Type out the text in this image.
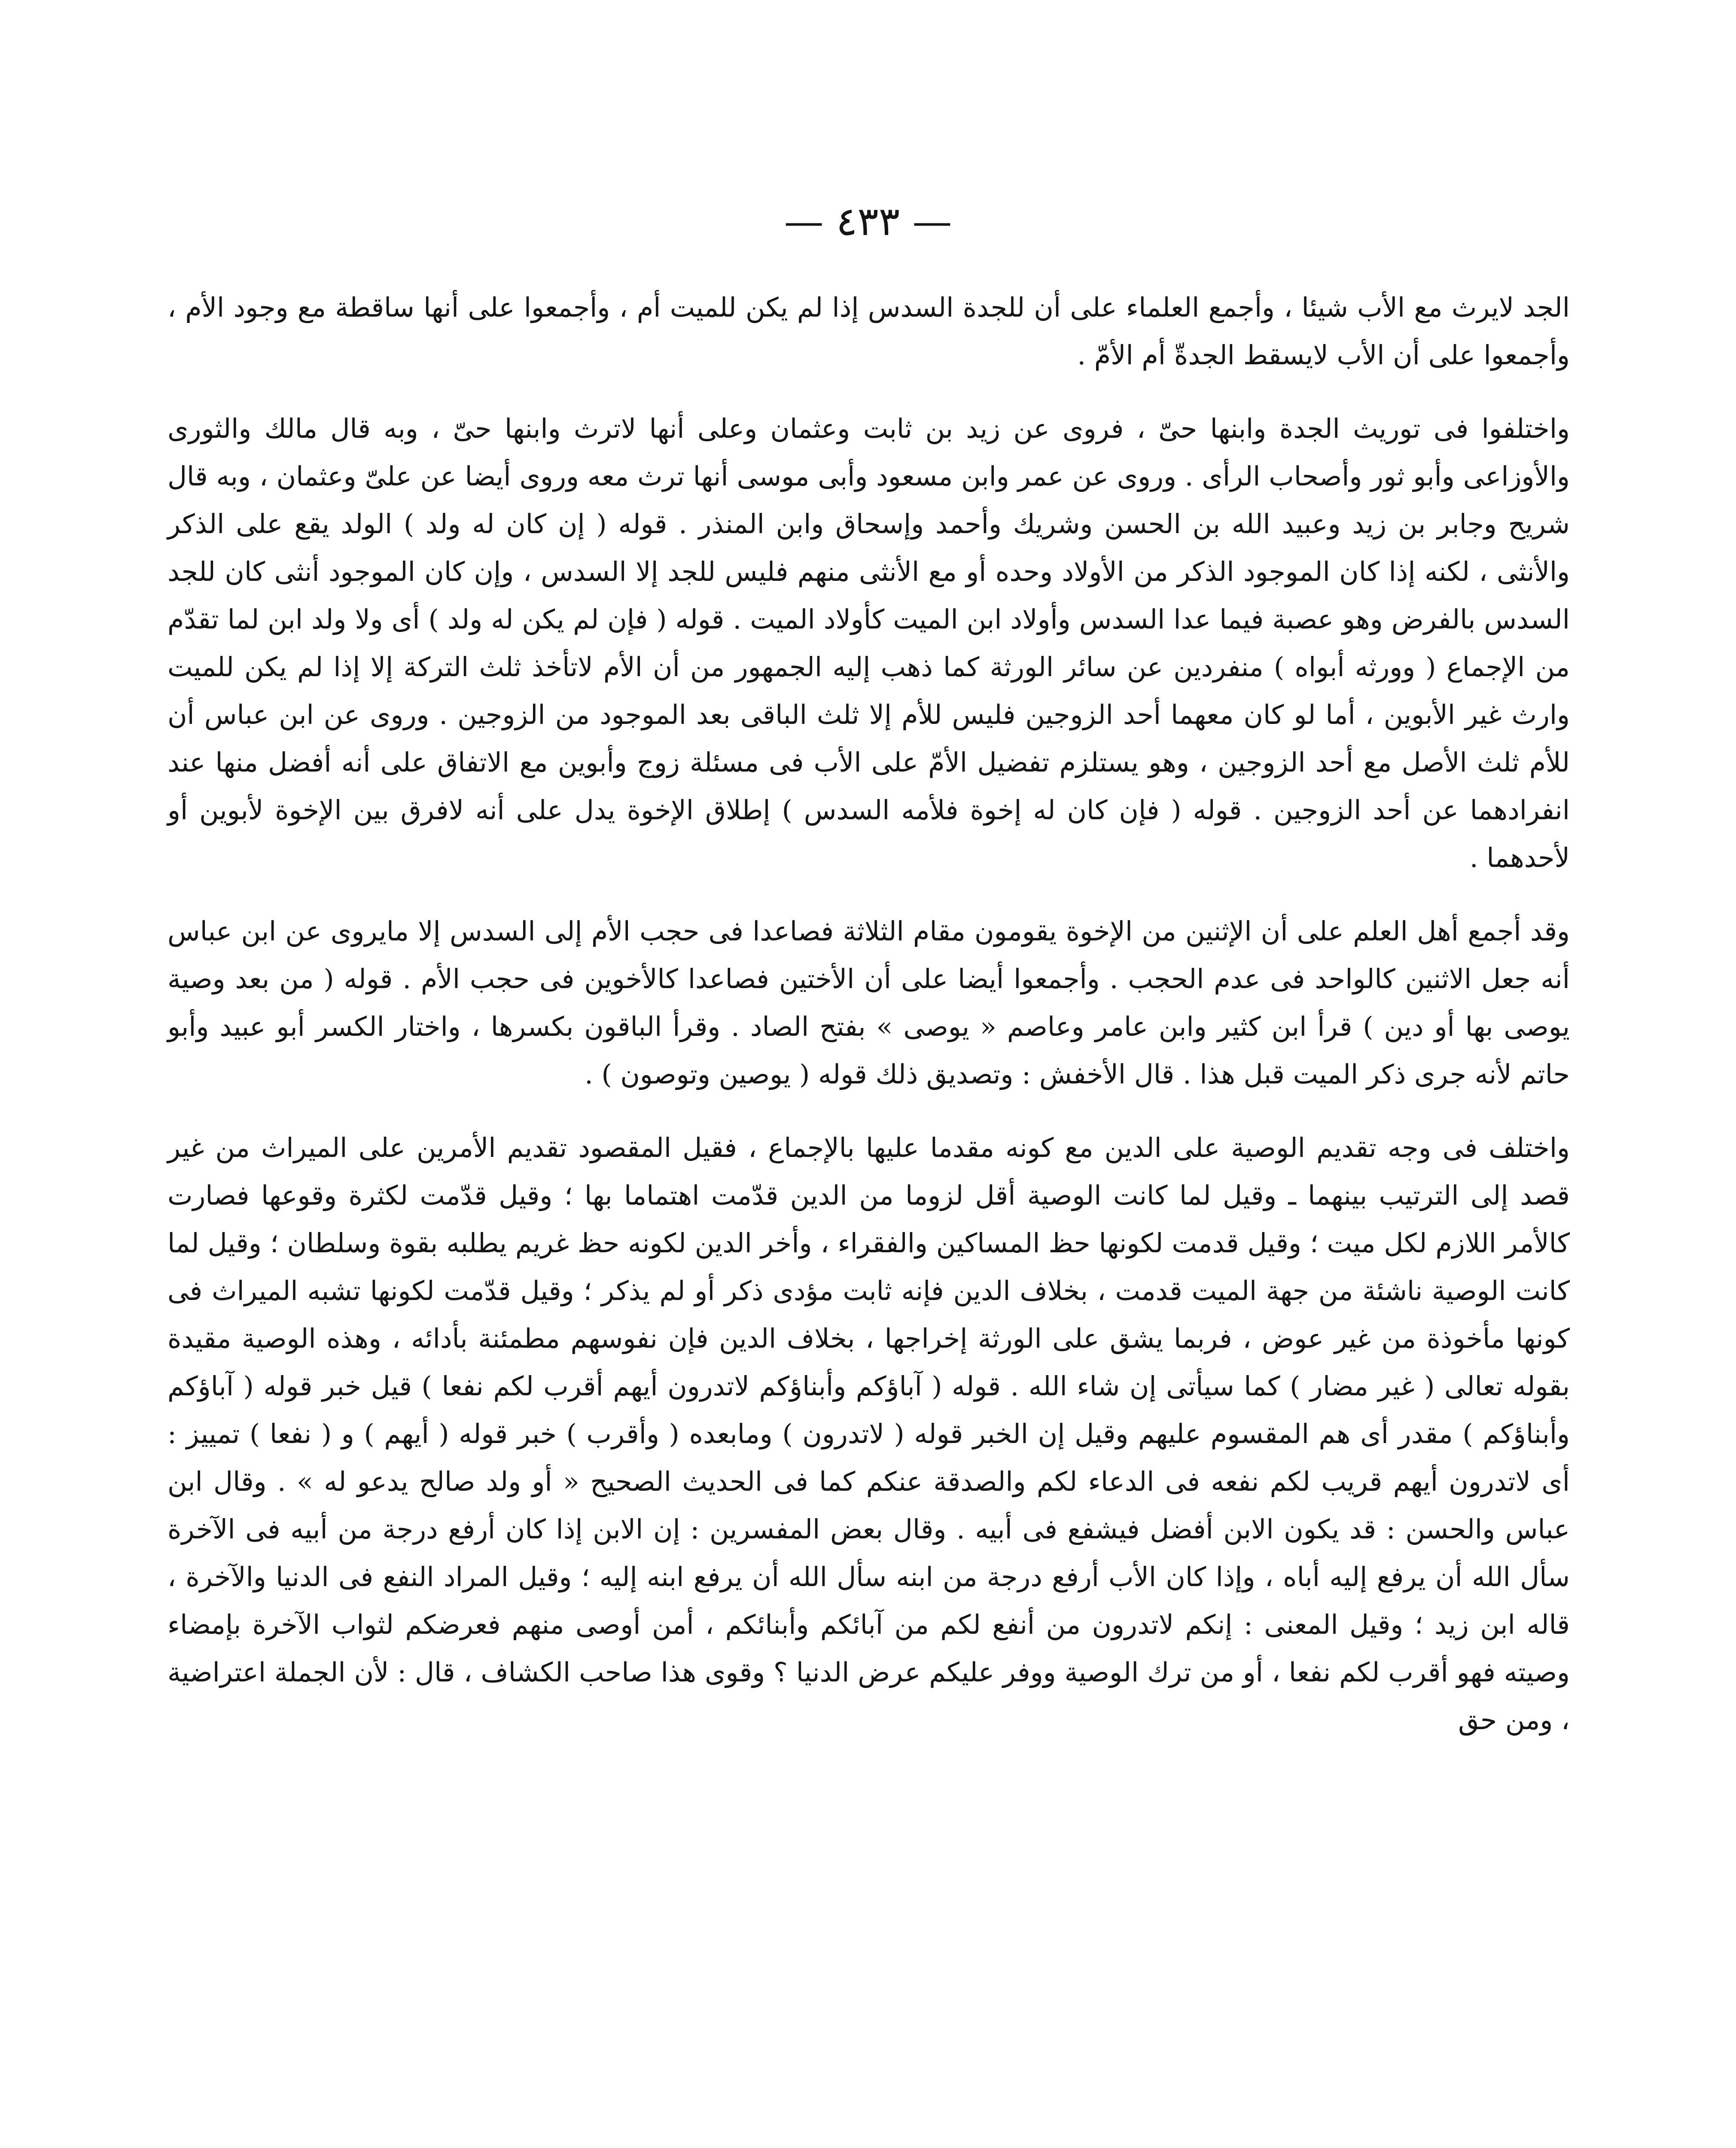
— ٤٣٣ —

الجد لايرث مع الأب شيئا ، وأجمع العلماء على أن للجدة السدس إذا لم يكن للميت أم ، وأجمعوا على أنها ساقطة مع وجود الأم ، وأجمعوا على أن الأب لايسقط الجدةّ أم الأمّ .

واختلفوا فى توريث الجدة وابنها حىّ ، فروى عن زيد بن ثابت وعثمان وعلى أنها لاترث وابنها حىّ ، وبه قال مالك والثورى والأوزاعى وأبو ثور وأصحاب الرأى . وروى عن عمر وابن مسعود وأبى موسى أنها ترث معه وروى أيضا عن علىّ وعثمان ، وبه قال شريح وجابر بن زيد وعبيد الله بن الحسن وشريك وأحمد وإسحاق وابن المنذر . قوله ( إن كان له ولد ) الولد يقع على الذكر والأنثى ، لكنه إذا كان الموجود الذكر من الأولاد وحده أو مع الأنثى منهم فليس للجد إلا السدس ، وإن كان الموجود أنثى كان للجد السدس بالفرض وهو عصبة فيما عدا السدس وأولاد ابن الميت كأولاد الميت . قوله ( فإن لم يكن له ولد ) أى ولا ولد ابن لما تقدّم من الإجماع ( وورثه أبواه ) منفردين عن سائر الورثة كما ذهب إليه الجمهور من أن الأم لاتأخذ ثلث التركة إلا إذا لم يكن للميت وارث غير الأبوين ، أما لو كان معهما أحد الزوجين فليس للأم إلا ثلث الباقى بعد الموجود من الزوجين . وروى عن ابن عباس أن للأم ثلث الأصل مع أحد الزوجين ، وهو يستلزم تفضيل الأمّ على الأب فى مسئلة زوج وأبوين مع الاتفاق على أنه أفضل منها عند انفرادهما عن أحد الزوجين . قوله ( فإن كان له إخوة فلأمه السدس ) إطلاق الإخوة يدل على أنه لافرق بين الإخوة لأبوين أو لأحدهما .

وقد أجمع أهل العلم على أن الإثنين من الإخوة يقومون مقام الثلاثة فصاعدا فى حجب الأم إلى السدس إلا مايروى عن ابن عباس أنه جعل الاثنين كالواحد فى عدم الحجب . وأجمعوا أيضا على أن الأختين فصاعدا كالأخوين فى حجب الأم . قوله ( من بعد وصية يوصى بها أو دين ) قرأ ابن كثير وابن عامر وعاصم « يوصى » بفتح الصاد . وقرأ الباقون بكسرها ، واختار الكسر أبو عبيد وأبو حاتم لأنه جرى ذكر الميت قبل هذا . قال الأخفش : وتصديق ذلك قوله ( يوصين وتوصون ) .

واختلف فى وجه تقديم الوصية على الدين مع كونه مقدما عليها بالإجماع ، فقيل المقصود تقديم الأمرين على الميراث من غير قصد إلى الترتيب بينهما ـ وقيل لما كانت الوصية أقل لزوما من الدين قدّمت اهتماما بها ؛ وقيل قدّمت لكثرة وقوعها فصارت كالأمر اللازم لكل ميت ؛ وقيل قدمت لكونها حظ المساكين والفقراء ، وأخر الدين لكونه حظ غريم يطلبه بقوة وسلطان ؛ وقيل لما كانت الوصية ناشئة من جهة الميت قدمت ، بخلاف الدين فإنه ثابت مؤدى ذكر أو لم يذكر ؛ وقيل قدّمت لكونها تشبه الميراث فى كونها مأخوذة من غير عوض ، فربما يشق على الورثة إخراجها ، بخلاف الدين فإن نفوسهم مطمئنة بأدائه ، وهذه الوصية مقيدة بقوله تعالى ( غير مضار ) كما سيأتى إن شاء الله . قوله ( آباؤكم وأبناؤكم لاتدرون أيهم أقرب لكم نفعا ) قيل خبر قوله ( آباؤكم وأبناؤكم ) مقدر أى هم المقسوم عليهم وقيل إن الخبر قوله ( لاتدرون ) ومابعده ( وأقرب ) خبر قوله ( أيهم ) و ( نفعا ) تمييز : أى لاتدرون أيهم قريب لكم نفعه فى الدعاء لكم والصدقة عنكم كما فى الحديث الصحيح « أو ولد صالح يدعو له » . وقال ابن عباس والحسن : قد يكون الابن أفضل فيشفع فى أبيه . وقال بعض المفسرين : إن الابن إذا كان أرفع درجة من أبيه فى الآخرة سأل الله أن يرفع إليه أباه ، وإذا كان الأب أرفع درجة من ابنه سأل الله أن يرفع ابنه إليه ؛ وقيل المراد النفع فى الدنيا والآخرة ، قاله ابن زيد ؛ وقيل المعنى : إنكم لاتدرون من أنفع لكم من آبائكم وأبنائكم ، أمن أوصى منهم فعرضكم لثواب الآخرة بإمضاء وصيته فهو أقرب لكم نفعا ، أو من ترك الوصية ووفر عليكم عرض الدنيا ؟ وقوى هذا صاحب الكشاف ، قال : لأن الجملة اعتراضية ، ومن حق
